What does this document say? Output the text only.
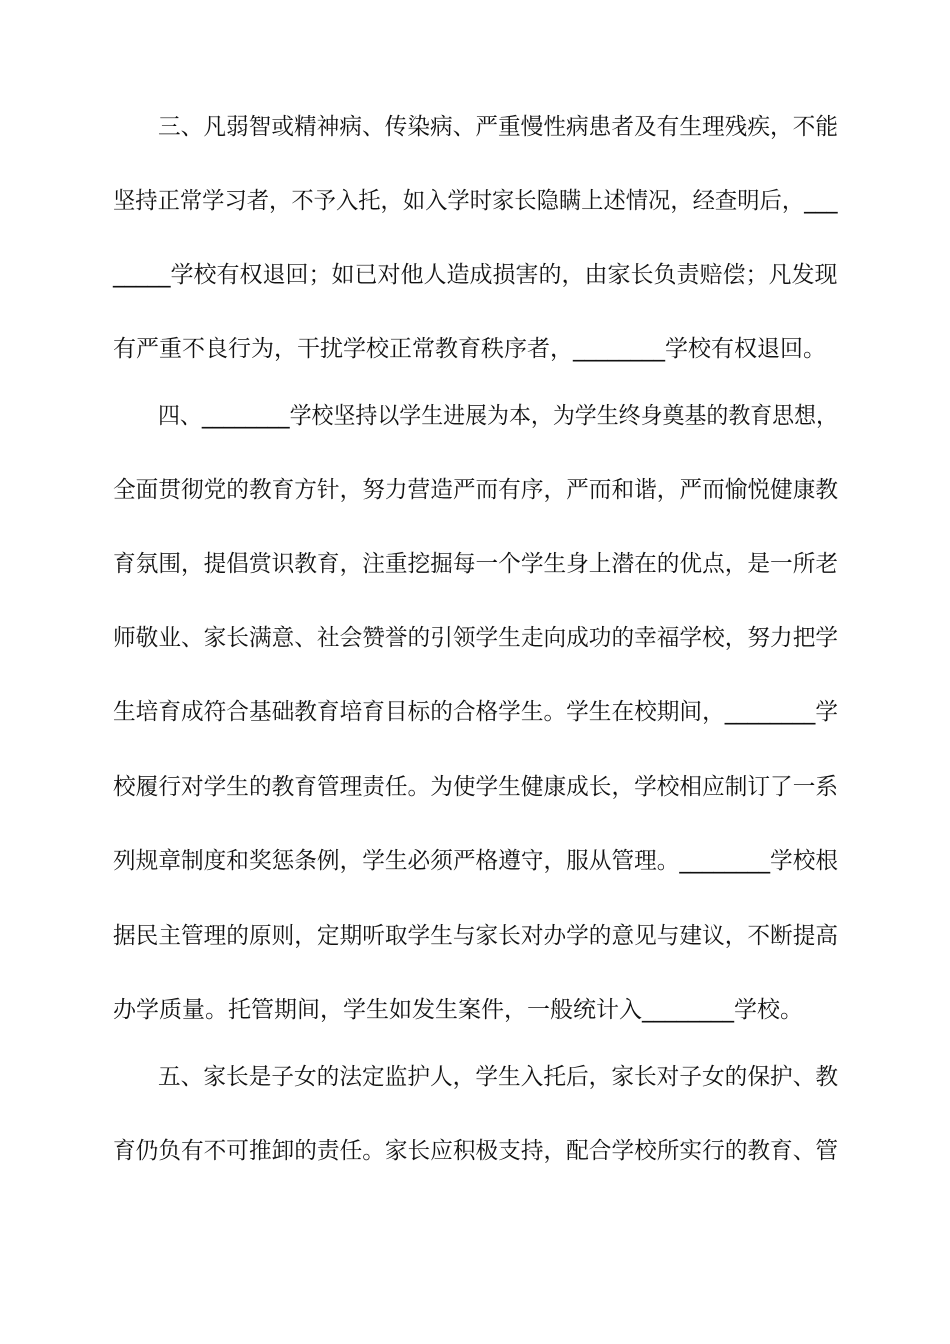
三、凡弱智或精神病、传染病、严重慢性病患者及有生理残疾，不能
坚持正常学习者，不予入托，如入学时家长隐瞒上述情况，经查明后，___
_____学校有权退回；如已对他人造成损害的，由家长负责赔偿；凡发现
有严重不良行为，干扰学校正常教育秩序者，________学校有权退回。
四、________学校坚持以学生进展为本，为学生终身奠基的教育思想，
全面贯彻党的教育方针，努力营造严而有序，严而和谐，严而愉悦健康教
育氛围，提倡赏识教育，注重挖掘每一个学生身上潜在的优点，是一所老
师敬业、家长满意、社会赞誉的引领学生走向成功的幸福学校，努力把学
生培育成符合基础教育培育目标的合格学生。学生在校期间，________学
校履行对学生的教育管理责任。为使学生健康成长，学校相应制订了一系
列规章制度和奖惩条例，学生必须严格遵守，服从管理。________学校根
据民主管理的原则，定期听取学生与家长对办学的意见与建议，不断提高
办学质量。托管期间，学生如发生案件，一般统计入________学校。
五、家长是子女的法定监护人，学生入托后，家长对子女的保护、教
育仍负有不可推卸的责任。家长应积极支持，配合学校所实行的教育、管
